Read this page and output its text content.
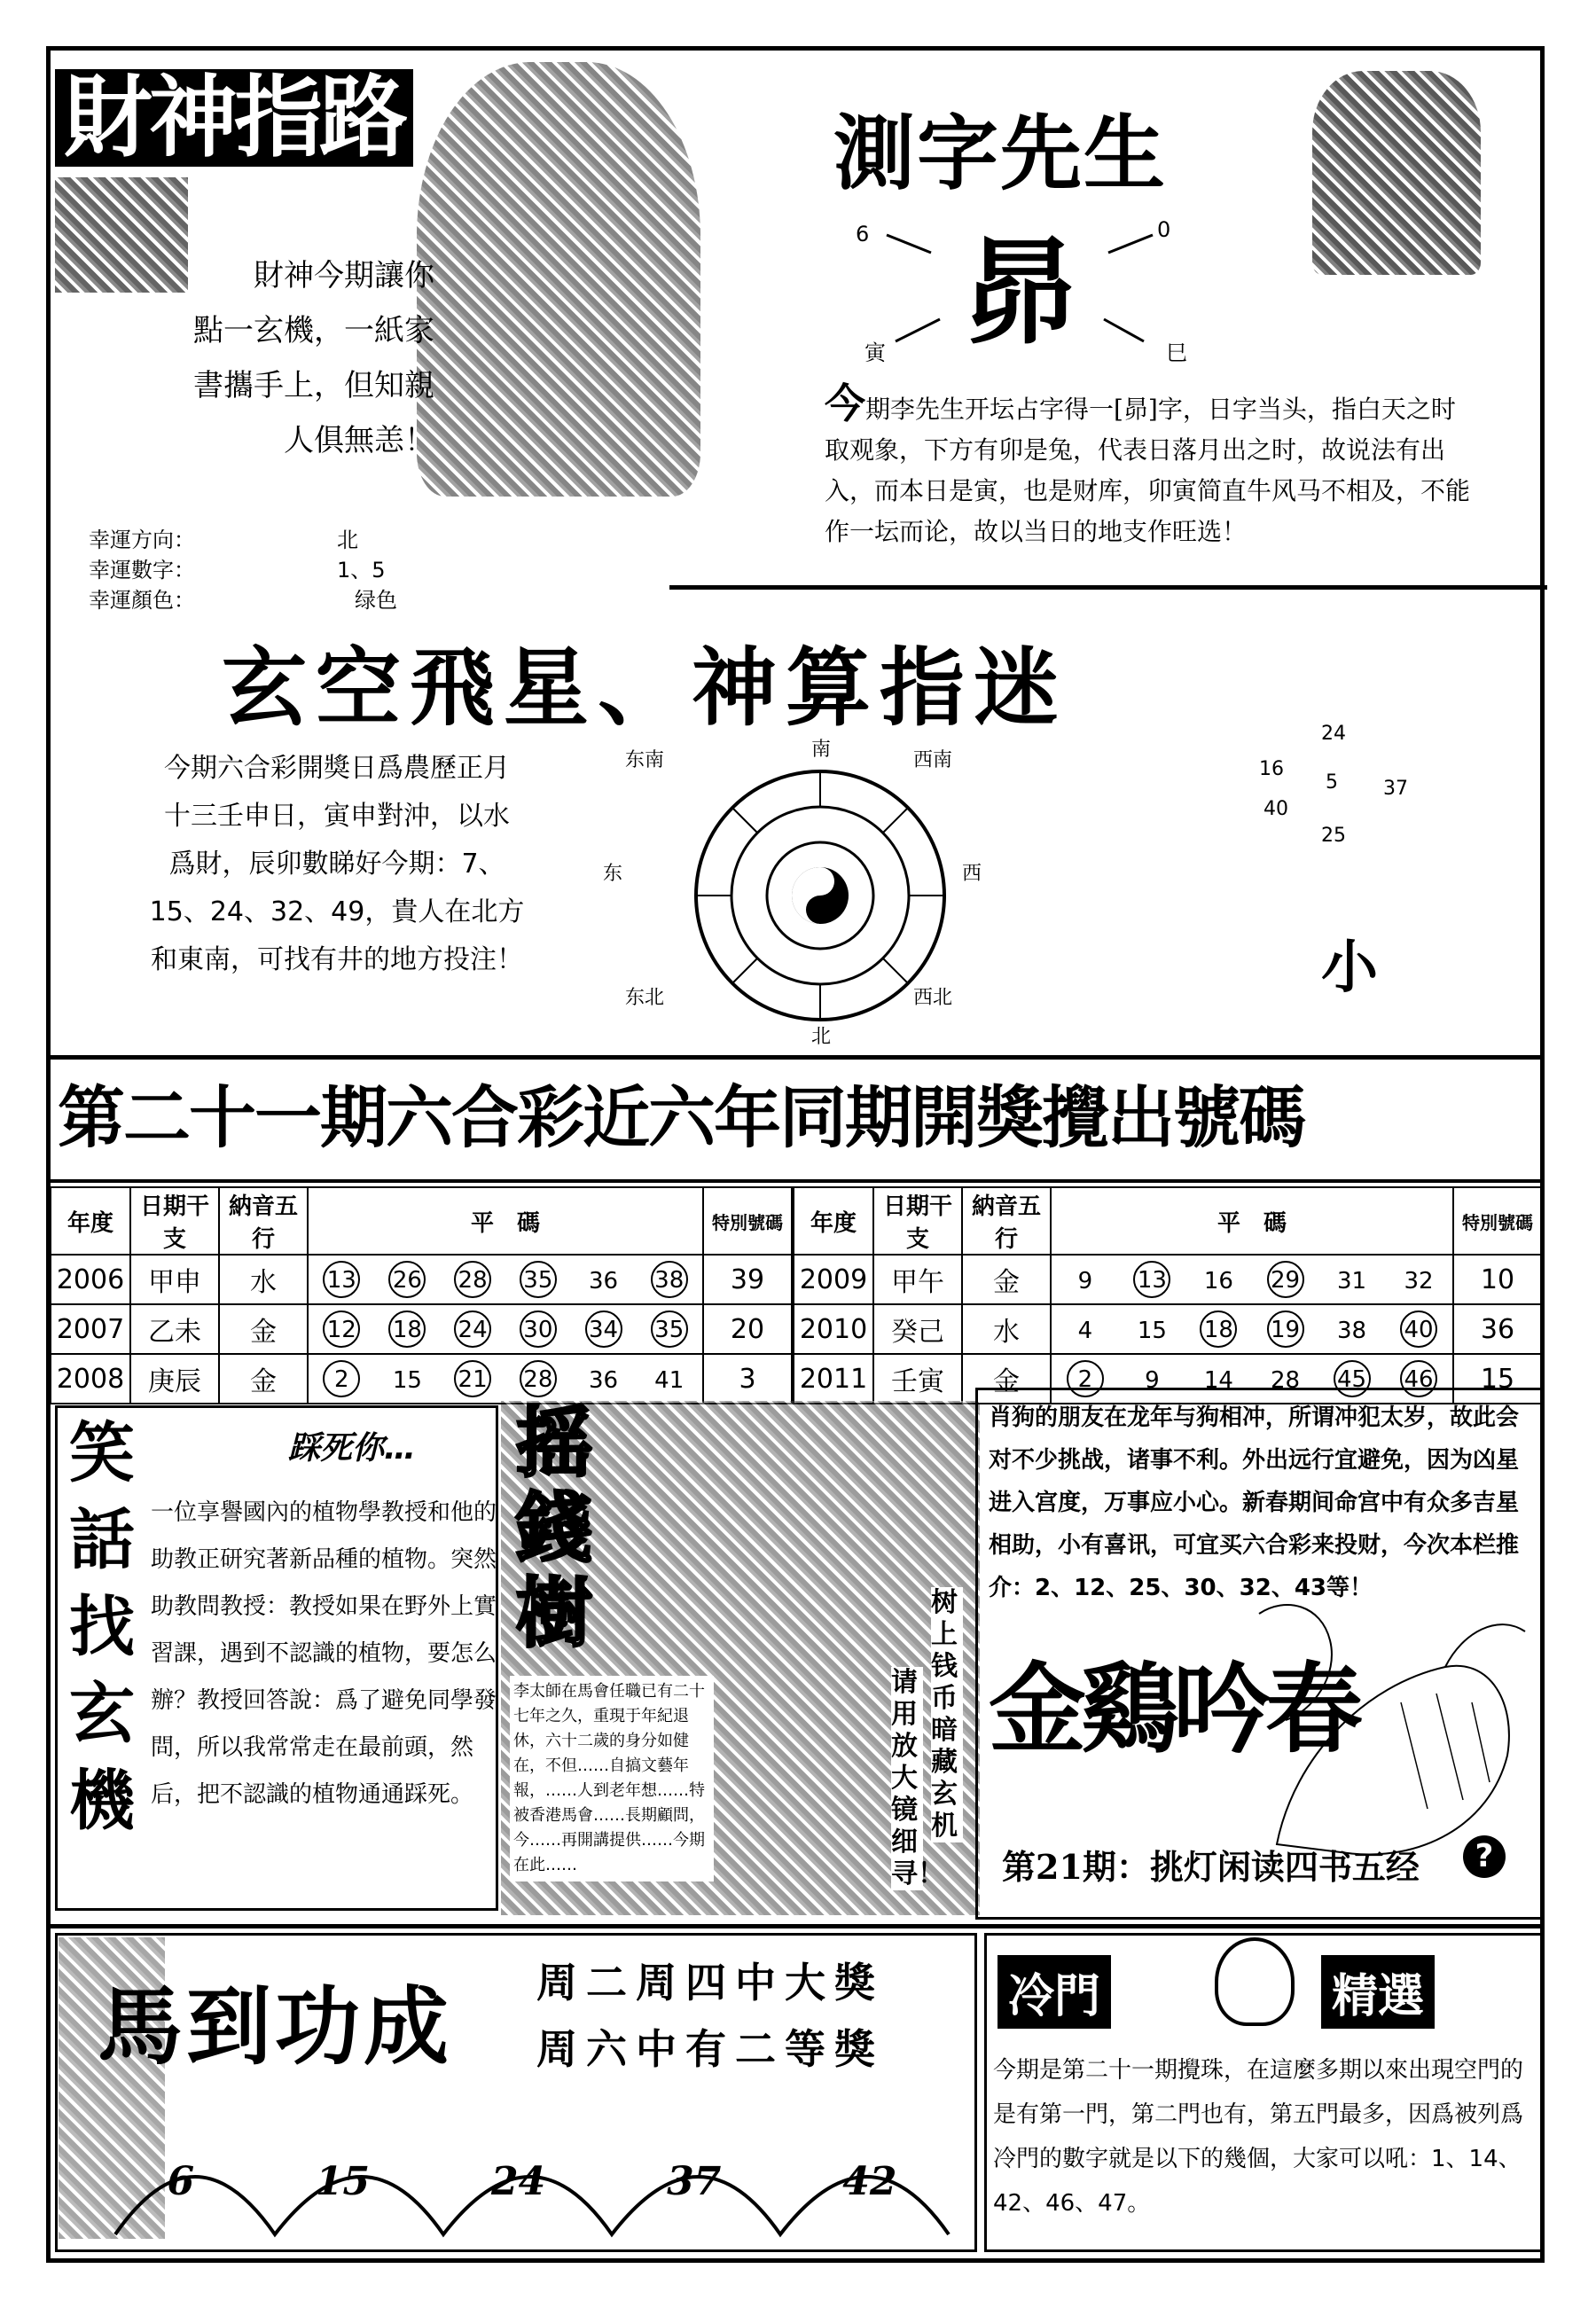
財神指路
財神今期讓你
點一玄機，一紙家
書攜手上，但知親
人俱無恙！
幸運方向：	北
幸運數字：	1、5
幸運顏色：	绿色
測字先生
6	0
寅	巳
昴
今期李先生开坛占字得一[昴]字，日字当头，指白天之时取观象，下方有卯是兔，代表日落月出之时，故说法有出入，而本日是寅，也是财库，卯寅简直牛风马不相及，不能作一坛而论，故以当日的地支作旺选！
玄空飛星、神算指迷
今期六合彩開獎日爲農歷正月
十三壬申日，寅申對沖，以水
爲財，辰卯數睇好今期：7、
15、24、32、49，貴人在北方
和東南，可找有井的地方投注！
南
东南	西南
东	西
东北	西北
北
24
16
5 37
40
25
小
第二十一期六合彩近六年同期開獎攪出號碼
年度	日期干支	納音五行	平　碼						特別號碼
2006	甲申	水	13	26	28	35	36	38	39
2007	乙未	金	12	18	24	30	34	35	20
2008	庚辰	金	2	15	21	28	36	41	3
年度	日期干支	納音五行	平　碼						特別號碼
2009	甲午	金	9	13	16	29	31	32	10
2010	癸己	水	4	15	18	19	38	40	36
2011	壬寅	金	2	9	14	28	45	46	15
笑
話
找
玄
機
踩死你…
一位享譽國內的植物學教授和他的助教正研究著新品種的植物。突然助教問教授：教授如果在野外上實習課，遇到不認識的植物，要怎么辦？教授回答說：爲了避免同學發問，所以我常常走在最前頭，然后，把不認識的植物通通踩死。
摇錢樹
李太師在馬會任職已有二十七年之久，重現于年紀退休，六十二歲的身分如健在，不但……自搞文藝年報，……人到老年想……特被香港馬會……長期顧問，今……再開講提供……今期在此……
请用放大镜细寻！
树上钱币暗藏玄机
肖狗的朋友在龙年与狗相冲，所谓冲犯太岁，故此会对不少挑战，诸事不利。外出远行宜避免，因为凶星进入宫度，万事应小心。新春期间命宫中有众多吉星相助，小有喜讯，可宜买六合彩来投财，今次本栏推介：2、12、25、30、32、43等！
金鷄吟春
第21期：挑灯闲读四书五经	?
馬到功成 周二周四中大獎
周六中有二等獎
6	15	24	37	42
冷門	精選
今期是第二十一期攪珠，在這麼多期以來出現空門的是有第一門，第二門也有，第五門最多，因爲被列爲冷門的數字就是以下的幾個，大家可以吼：1、14、42、46、47。
